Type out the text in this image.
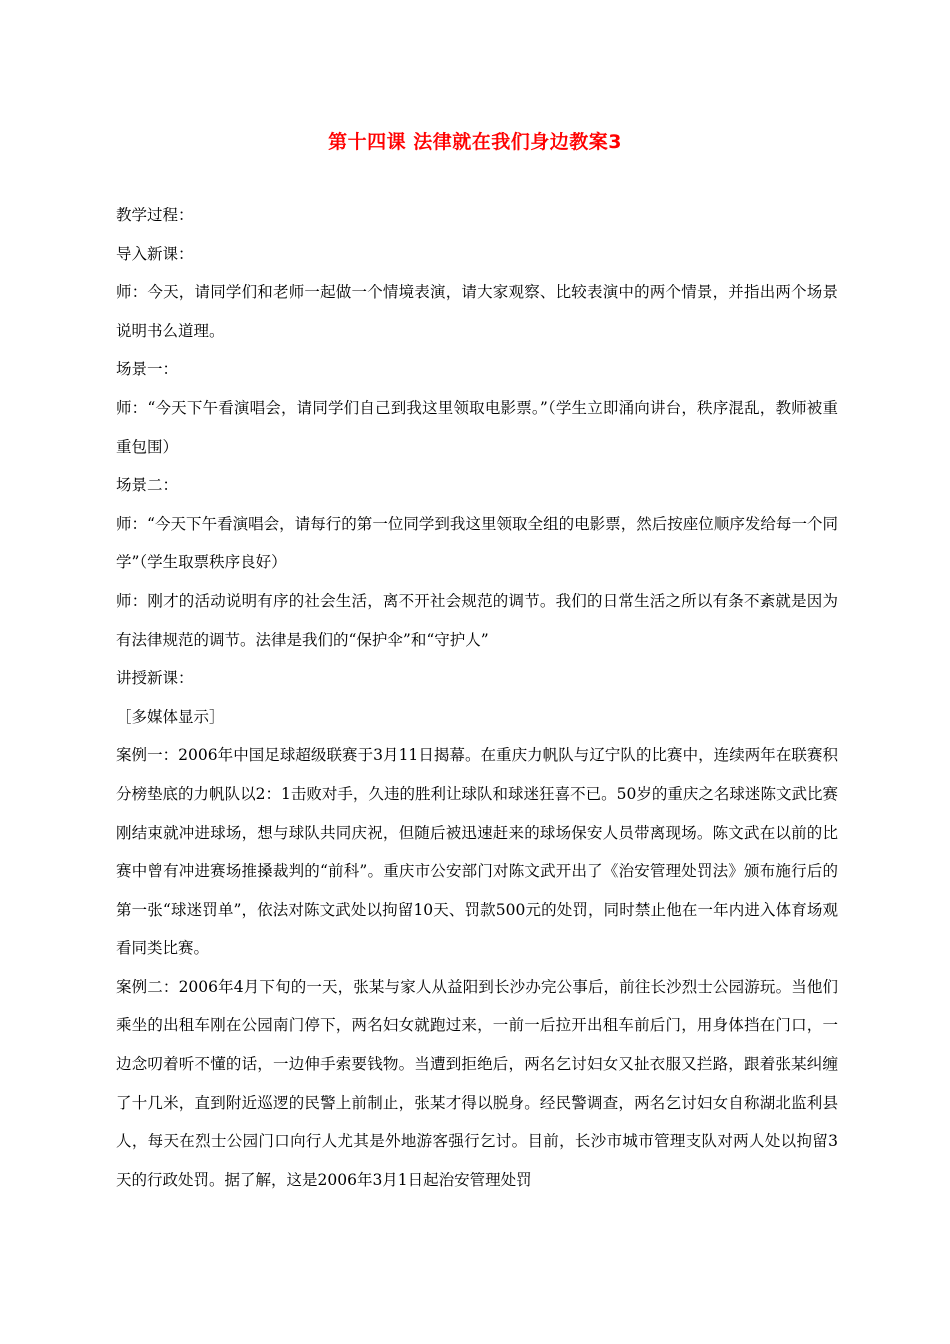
第十四课 法律就在我们身边教案3

教学过程：

导入新课：

师：今天，请同学们和老师一起做一个情境表演，请大家观察、比较表演中的两个情景，并指出两个场景说明书么道理。

场景一：

师：“今天下午看演唱会，请同学们自己到我这里领取电影票。”（学生立即涌向讲台，秩序混乱，教师被重重包围）

场景二：

师：“今天下午看演唱会，请每行的第一位同学到我这里领取全组的电影票，然后按座位顺序发给每一个同学”（学生取票秩序良好）

师：刚才的活动说明有序的社会生活，离不开社会规范的调节。我们的日常生活之所以有条不紊就是因为有法律规范的调节。法律是我们的“保护伞”和“守护人”

讲授新课：

［多媒体显示］

案例一：2006年中国足球超级联赛于3月11日揭幕。在重庆力帆队与辽宁队的比赛中，连续两年在联赛积分榜垫底的力帆队以2：1击败对手，久违的胜利让球队和球迷狂喜不已。50岁的重庆之名球迷陈文武比赛刚结束就冲进球场，想与球队共同庆祝，但随后被迅速赶来的球场保安人员带离现场。陈文武在以前的比赛中曾有冲进赛场推搡裁判的“前科”。重庆市公安部门对陈文武开出了《治安管理处罚法》颁布施行后的第一张“球迷罚单”，依法对陈文武处以拘留10天、罚款500元的处罚，同时禁止他在一年内进入体育场观看同类比赛。

案例二：2006年4月下旬的一天，张某与家人从益阳到长沙办完公事后，前往长沙烈士公园游玩。当他们乘坐的出租车刚在公园南门停下，两名妇女就跑过来，一前一后拉开出租车前后门，用身体挡在门口，一边念叨着听不懂的话，一边伸手索要钱物。当遭到拒绝后，两名乞讨妇女又扯衣服又拦路，跟着张某纠缠了十几米，直到附近巡逻的民警上前制止，张某才得以脱身。经民警调查，两名乞讨妇女自称湖北监利县人，每天在烈士公园门口向行人尤其是外地游客强行乞讨。目前，长沙市城市管理支队对两人处以拘留3天的行政处罚。据了解，这是2006年3月1日起治安管理处罚
